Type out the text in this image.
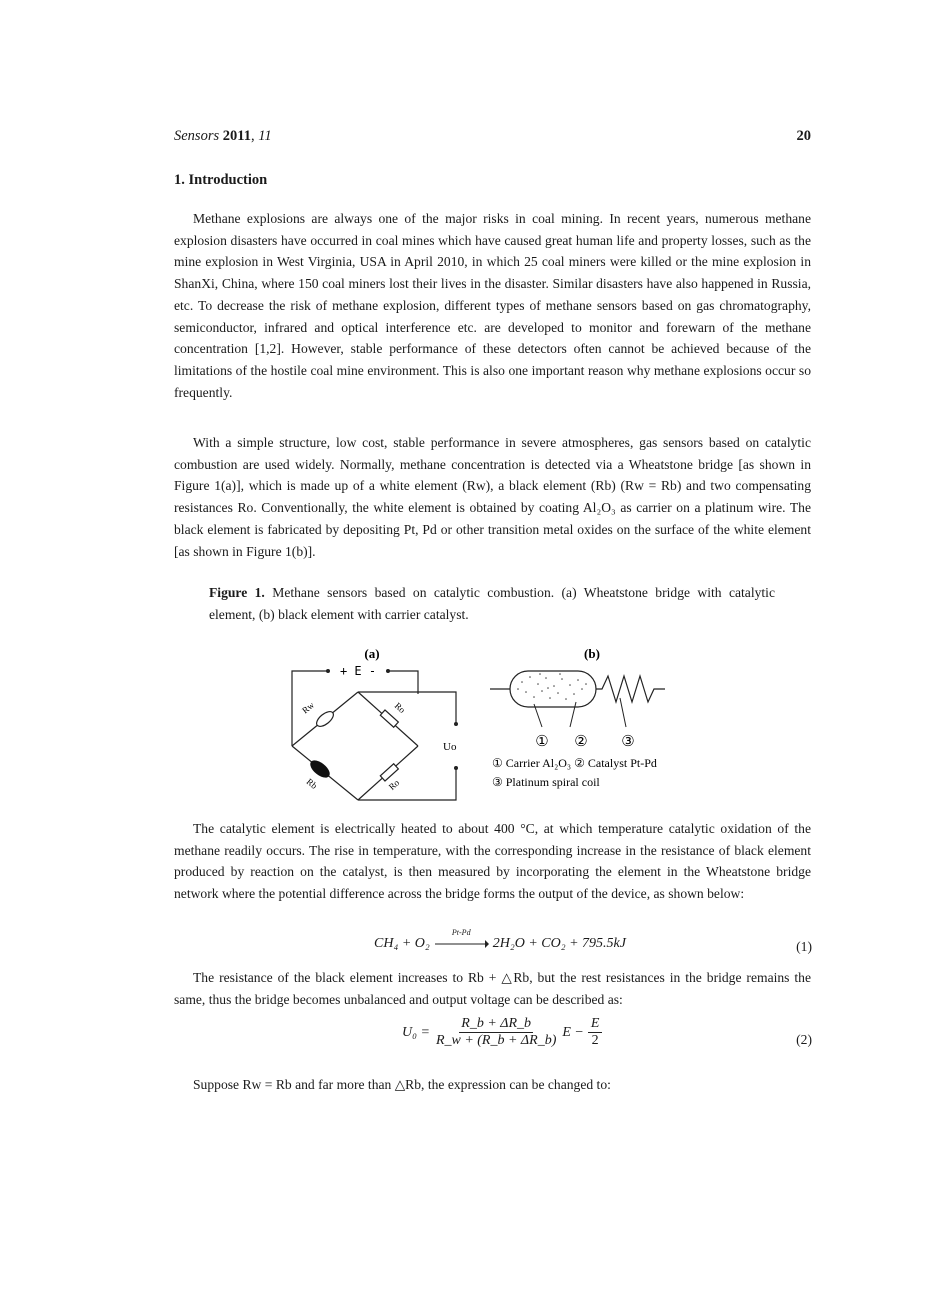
Sensors 2011, 11	20
1. Introduction

Methane explosions are always one of the major risks in coal mining. In recent years, numerous methane explosion disasters have occurred in coal mines which have caused great human life and property losses, such as the mine explosion in West Virginia, USA in April 2010, in which 25 coal miners were killed or the mine explosion in ShanXi, China, where 150 coal miners lost their lives in the disaster. Similar disasters have also happened in Russia, etc. To decrease the risk of methane explosion, different types of methane sensors based on gas chromatography, semiconductor, infrared and optical interference etc. are developed to monitor and forewarn of the methane concentration [1,2]. However, stable performance of these detectors often cannot be achieved because of the limitations of the hostile coal mine environment. This is also one important reason why methane explosions occur so frequently.

With a simple structure, low cost, stable performance in severe atmospheres, gas sensors based on catalytic combustion are used widely. Normally, methane concentration is detected via a Wheatstone bridge [as shown in Figure 1(a)], which is made up of a white element (Rw), a black element (Rb) (Rw = Rb) and two compensating resistances Ro. Conventionally, the white element is obtained by coating Al₂O₃ as carrier on a platinum wire. The black element is fabricated by depositing Pt, Pd or other transition metal oxides on the surface of the white element [as shown in Figure 1(b)].

Figure 1. Methane sensors based on catalytic combustion. (a) Wheatstone bridge with catalytic element, (b) black element with carrier catalyst.

(a)
+ E -
Rw	Ro
Rb	Ro
Uo
(b)
① ② ③
① Carrier Al₂O₃ ② Catalyst Pt-Pd
③ Platinum spiral coil

The catalytic element is electrically heated to about 400 °C, at which temperature catalytic oxidation of the methane readily occurs. The rise in temperature, with the corresponding increase in the resistance of black element produced by reaction on the catalyst, is then measured by incorporating the element in the Wheatstone bridge network where the potential difference across the bridge forms the output of the device, as shown below:

CH₄ + O₂
Pt-Pd
2H₂O + CO₂ + 795.5kJ	(1)

The resistance of the black element increases to Rb + △Rb, but the rest resistances in the bridge remains the same, thus the bridge becomes unbalanced and output voltage can be described as:

$U_0 = \frac{R\_b + \Delta R\_b}{R\_w + (R\_b + \Delta R\_b)}$ $E - \frac{E}{2}$	(2)

Suppose Rw = Rb and far more than △Rb, the expression can be changed to:
